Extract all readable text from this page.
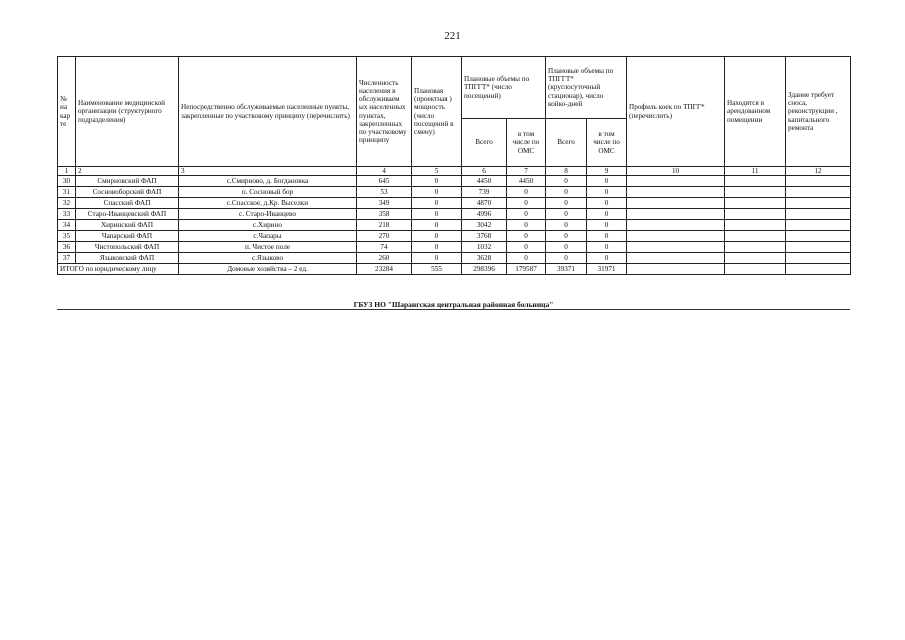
221
№ на кар те	Наименование медицинской организации (структурного подразделения)	Непосредственно обслуживаемые населенные пункты, закрепленные по участковому принципу (перечислить)	Численность населения в обслуживаем ых населенных пунктах, закрепленных по участковому принципу	Плановая (проектная ) мощность (число посещений в смену)	Плановые объемы по ТПГГТ* (число посещений)		Плановые объемы по ТПГГТ* (круглосуточный стационар), число койко-дней		Профиль коек по ТПГГ* (перечислить)	Находятся в арендованном помещении	Здание требует сноса, реконструкции , капитального ремонта
					Всего	в том числе по ОМС	Всего	в том числе по ОМС			
1	2	3	4	5	6	7	8	9	10	11	12
30	Смирновский ФАП	с.Смирново, д. Богдановка	645	0	4450	4450	0	0			
31	Сосновоборский ФАП	п. Сосновый бор	53	0	739	0	0	0			
32	Спасский ФАП	с.Спасское, д.Кр. Выселки	349	0	4870	0	0	0			
33	Старо-Иванцевский ФАП	с. Старо-Иванцево	358	0	4996	0	0	0			
34	Хиринский ФАП	с.Хирино	218	0	3042	0	0	0			
35	Чапарский ФАП	с.Чапары	270	0	3768	0	0	0			
36	Чистопольский ФАП	п. Чистое поле	74	0	1032	0	0	0			
37	Языковский ФАП	с.Языково	260	0	3628	0	0	0			
ИТОГО по юридическому лицу		Домовые хозяйства – 2 ед.	23284	555	298396	179587	39371	31971			
ГБУЗ НО "Шарангская центральная районная больница"
